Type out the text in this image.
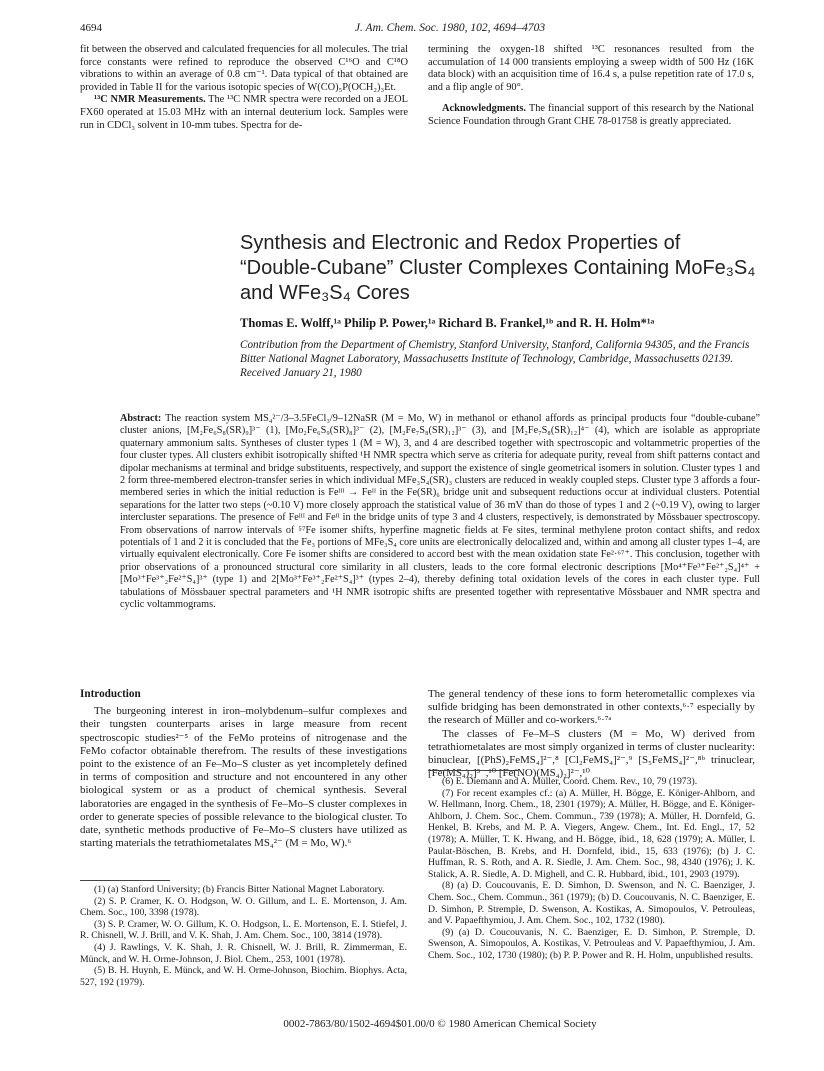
4694	J. Am. Chem. Soc. 1980, 102, 4694–4703

fit between the observed and calculated frequencies for all molecules. The trial force constants were refined to reproduce the observed C¹⁶O and C¹⁸O vibrations to within an average of 0.8 cm⁻¹. Data typical of that obtained are provided in Table II for the various isotopic species of W(CO)₅P(OCH₂)₃Et.

¹³C NMR Measurements. The ¹³C NMR spectra were recorded on a JEOL FX60 operated at 15.03 MHz with an internal deuterium lock. Samples were run in CDCl₃ solvent in 10-mm tubes. Spectra for de-

termining the oxygen-18 shifted ¹³C resonances resulted from the accumulation of 14 000 transients employing a sweep width of 500 Hz (16K data block) with an acquisition time of 16.4 s, a pulse repetition rate of 17.0 s, and a flip angle of 90°.

Acknowledgments. The financial support of this research by the National Science Foundation through Grant CHE 78-01758 is greatly appreciated.

Synthesis and Electronic and Redox Properties of “Double-Cubane” Cluster Complexes Containing MoFe₃S₄ and WFe₃S₄ Cores
Thomas E. Wolff,¹ᵃ Philip P. Power,¹ᵃ Richard B. Frankel,¹ᵇ and R. H. Holm*¹ᵃ
Contribution from the Department of Chemistry, Stanford University, Stanford, California 94305, and the Francis Bitter National Magnet Laboratory, Massachusetts Institute of Technology, Cambridge, Massachusetts 02139. Received January 21, 1980
Abstract: The reaction system MS₄²⁻/3–3.5FeCl₃/9–12NaSR (M = Mo, W) in methanol or ethanol affords as principal products four “double-cubane” cluster anions, [M₂Fe₆S₈(SR)₉]³⁻ (1), [Mo₂Fe₆S₉(SR)₈]³⁻ (2), [M₂Fe₇S₈(SR)₁₂]³⁻ (3), and [M₂Fe₇S₈(SR)₁₂]⁴⁻ (4), which are isolable as appropriate quaternary ammonium salts. Syntheses of cluster types 1 (M = W), 3, and 4 are described together with spectroscopic and voltammetric properties of the four cluster types. All clusters exhibit isotropically shifted ¹H NMR spectra which serve as criteria for adequate purity, reveal from shift patterns contact and dipolar mechanisms at terminal and bridge substituents, respectively, and support the existence of single geometrical isomers in solution. Cluster types 1 and 2 form three-membered electron-transfer series in which individual MFe₃S₄(SR)₃ clusters are reduced in weakly coupled steps. Cluster type 3 affords a four-membered series in which the initial reduction is Feᴵᴵᴵ → Feᴵᴵ in the Fe(SR)₆ bridge unit and subsequent reductions occur at individual clusters. Potential separations for the latter two steps (~0.10 V) more closely approach the statistical value of 36 mV than do those of types 1 and 2 (~0.19 V), owing to larger intercluster separations. The presence of Feᴵᴵᴵ and Feᴵᴵ in the bridge units of type 3 and 4 clusters, respectively, is demonstrated by Mössbauer spectroscopy. From observations of narrow intervals of ⁵⁷Fe isomer shifts, hyperfine magnetic fields at Fe sites, terminal methylene proton contact shifts, and redox potentials of 1 and 2 it is concluded that the Fe₃ portions of MFe₃S₄ core units are electronically delocalized and, within and among all cluster types 1–4, are virtually equivalent electronically. Core Fe isomer shifts are considered to accord best with the mean oxidation state Fe²·⁶⁷⁺. This conclusion, together with prior observations of a pronounced structural core similarity in all clusters, leads to the core formal electronic descriptions [Mo⁴⁺Fe³⁺Fe²⁺₂S₄]⁴⁺ + [Mo³⁺Fe³⁺₂Fe²⁺S₄]³⁺ (type 1) and 2[Mo³⁺Fe³⁺₂Fe²⁺S₄]³⁺ (types 2–4), thereby defining total oxidation levels of the cores in each cluster type. Full tabulations of Mössbauer spectral parameters and ¹H NMR isotropic shifts are presented together with representative Mössbauer and NMR spectra and cyclic voltammograms.
Introduction

The burgeoning interest in iron–molybdenum–sulfur complexes and their tungsten counterparts arises in large measure from recent spectroscopic studies²⁻⁵ of the FeMo proteins of nitrogenase and the FeMo cofactor obtainable therefrom. The results of these investigations point to the existence of an Fe–Mo–S cluster as yet incompletely defined in terms of composition and structure and not encountered in any other biological system or as a product of chemical synthesis. Several laboratories are engaged in the synthesis of Fe–Mo–S cluster complexes in order to generate species of possible relevance to the biological cluster. To date, synthetic methods productive of Fe–Mo–S clusters have utilized as starting materials the tetrathiometalates MS₄²⁻ (M = Mo, W).⁶

(1) (a) Stanford University; (b) Francis Bitter National Magnet Laboratory.

(2) S. P. Cramer, K. O. Hodgson, W. O. Gillum, and L. E. Mortenson, J. Am. Chem. Soc., 100, 3398 (1978).

(3) S. P. Cramer, W. O. Gillum, K. O. Hodgson, L. E. Mortenson, E. I. Stiefel, J. R. Chisnell, W. J. Brill, and V. K. Shah, J. Am. Chem. Soc., 100, 3814 (1978).

(4) J. Rawlings, V. K. Shah, J. R. Chisnell, W. J. Brill, R. Zimmerman, E. Münck, and W. H. Orme-Johnson, J. Biol. Chem., 253, 1001 (1978).

(5) B. H. Huynh, E. Münck, and W. H. Orme-Johnson, Biochim. Biophys. Acta, 527, 192 (1979).

The general tendency of these ions to form heterometallic complexes via sulfide bridging has been demonstrated in other contexts,⁶·⁷ especially by the research of Müller and co-workers.⁶·⁷ᵃ

The classes of Fe–M–S clusters (M = Mo, W) derived from tetrathiometalates are most simply organized in terms of cluster nuclearity: binuclear, [(PhS)₂FeMS₄]²⁻,⁸ [Cl₂FeMS₄]²⁻,⁹ [S₅FeMS₄]²⁻,⁸ᵇ trinuclear, [Fe(MS₄)₂]³⁻,¹⁰ [Fe(NO)(MS₄)₂]²⁻,¹⁰

(6) E. Diemann and A. Müller, Coord. Chem. Rev., 10, 79 (1973).

(7) For recent examples cf.: (a) A. Müller, H. Bögge, E. Königer-Ahlborn, and W. Hellmann, Inorg. Chem., 18, 2301 (1979); A. Müller, H. Bögge, and E. Königer-Ahlborn, J. Chem. Soc., Chem. Commun., 739 (1978); A. Müller, H. Dornfeld, G. Henkel, B. Krebs, and M. P. A. Viegers, Angew. Chem., Int. Ed. Engl., 17, 52 (1978); A. Müller, T. K. Hwang, and H. Bögge, ibid., 18, 628 (1979); A. Müller, I. Paulat-Böschen, B. Krebs, and H. Dornfeld, ibid., 15, 633 (1976); (b) J. C. Huffman, R. S. Roth, and A. R. Siedle, J. Am. Chem. Soc., 98, 4340 (1976); J. K. Stalick, A. R. Siedle, A. D. Mighell, and C. R. Hubbard, ibid., 101, 2903 (1979).

(8) (a) D. Coucouvanis, E. D. Simhon, D. Swenson, and N. C. Baenziger, J. Chem. Soc., Chem. Commun., 361 (1979); (b) D. Coucouvanis, N. C. Baenziger, E. D. Simhon, P. Stremple, D. Swenson, A. Kostikas, A. Simopoulos, V. Petrouleas, and V. Papaefthymiou, J. Am. Chem. Soc., 102, 1732 (1980).

(9) (a) D. Coucouvanis, N. C. Baenziger, E. D. Simhon, P. Stremple, D. Swenson, A. Simopoulos, A. Kostikas, V. Petrouleas and V. Papaefthymiou, J. Am. Chem. Soc., 102, 1730 (1980); (b) P. P. Power and R. H. Holm, unpublished results.

0002-7863/80/1502-4694$01.00/0 © 1980 American Chemical Society
